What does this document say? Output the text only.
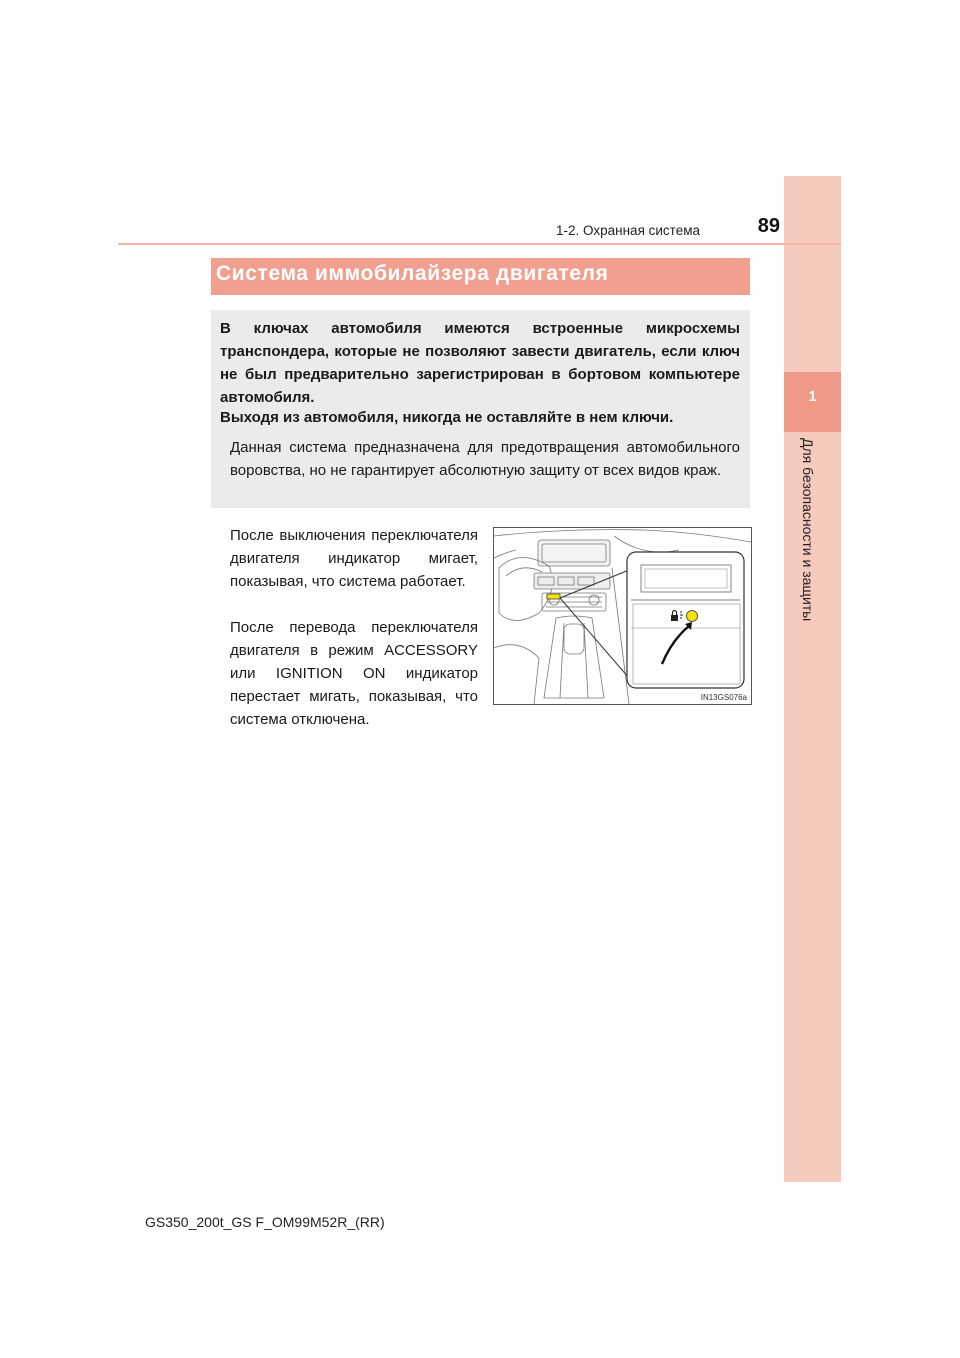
1
Для безопасности и защиты
1-2. Охранная система	89
Система иммобилайзера двигателя
В ключах автомобиля имеются встроенные микросхемы транспондера, которые не позволяют завести двигатель, если ключ не был предварительно зарегистрирован в бортовом компьютере автомобиля.
Выходя из автомобиля, никогда не оставляйте в нем ключи.
Данная система предназначена для предотвращения автомобильного воровства, но не гарантирует абсолютную защиту от всех видов краж.
После выключения переключателя двигателя индикатор мигает, показывая, что система работает.
После перевода переключателя двигателя в режим ACCESSORY или IGNITION ON индикатор перестает мигать, показывая, что система отключена.
IN13GS076a
GS350_200t_GS F_OM99M52R_(RR)
